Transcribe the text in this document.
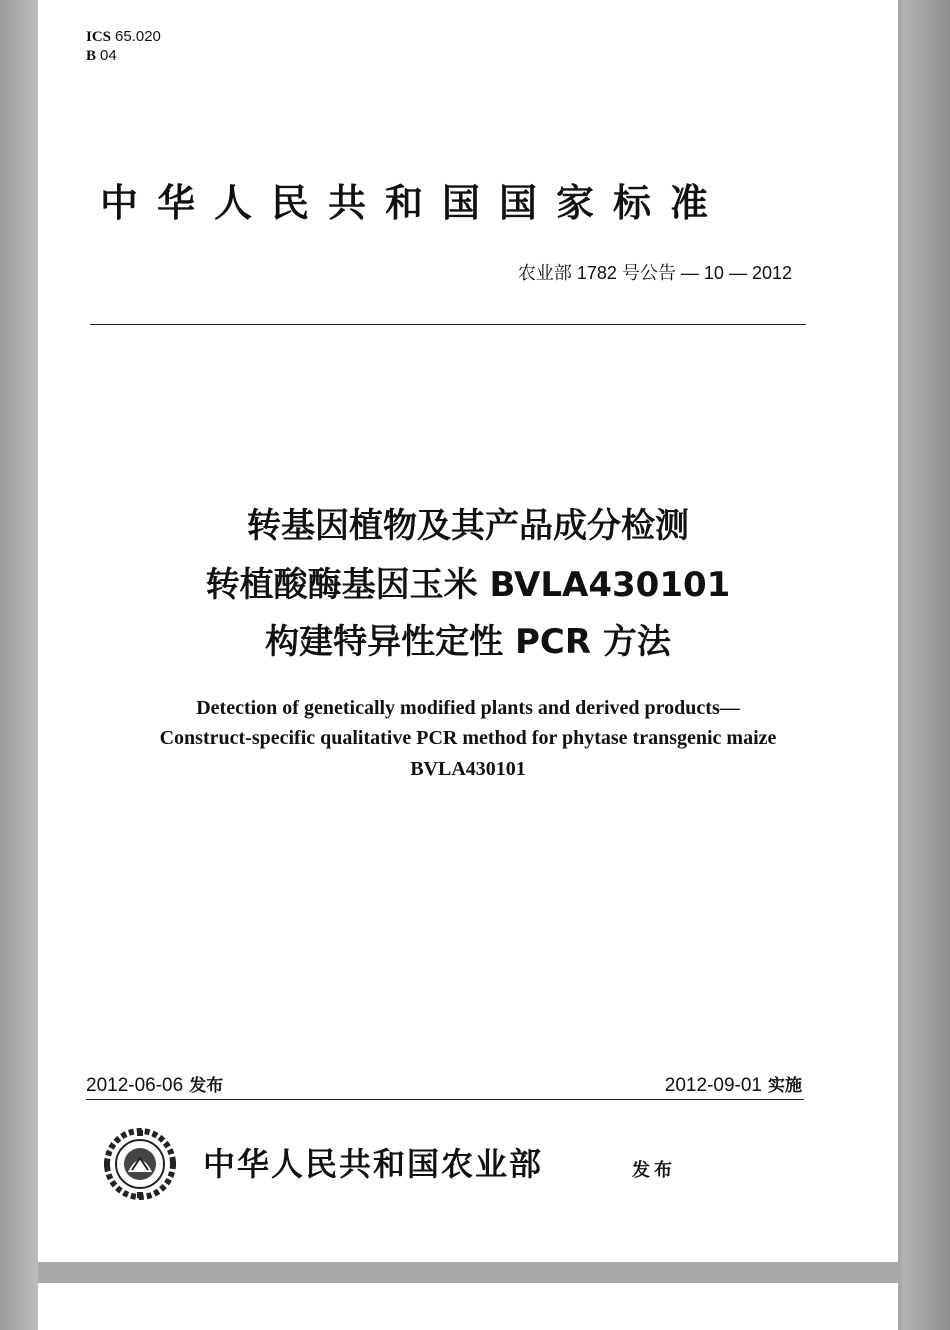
ICS 65.020
B 04
中华人民共和国国家标准
农业部 1782 号公告 — 10 — 2012
转基因植物及其产品成分检测
转植酸酶基因玉米 BVLA430101
构建特异性定性 PCR 方法
Detection of genetically modified plants and derived products—
Construct-specific qualitative PCR method for phytase transgenic maize
BVLA430101
2012-06-06 发布	2012-09-01 实施
中华人民共和国农业部	发布
